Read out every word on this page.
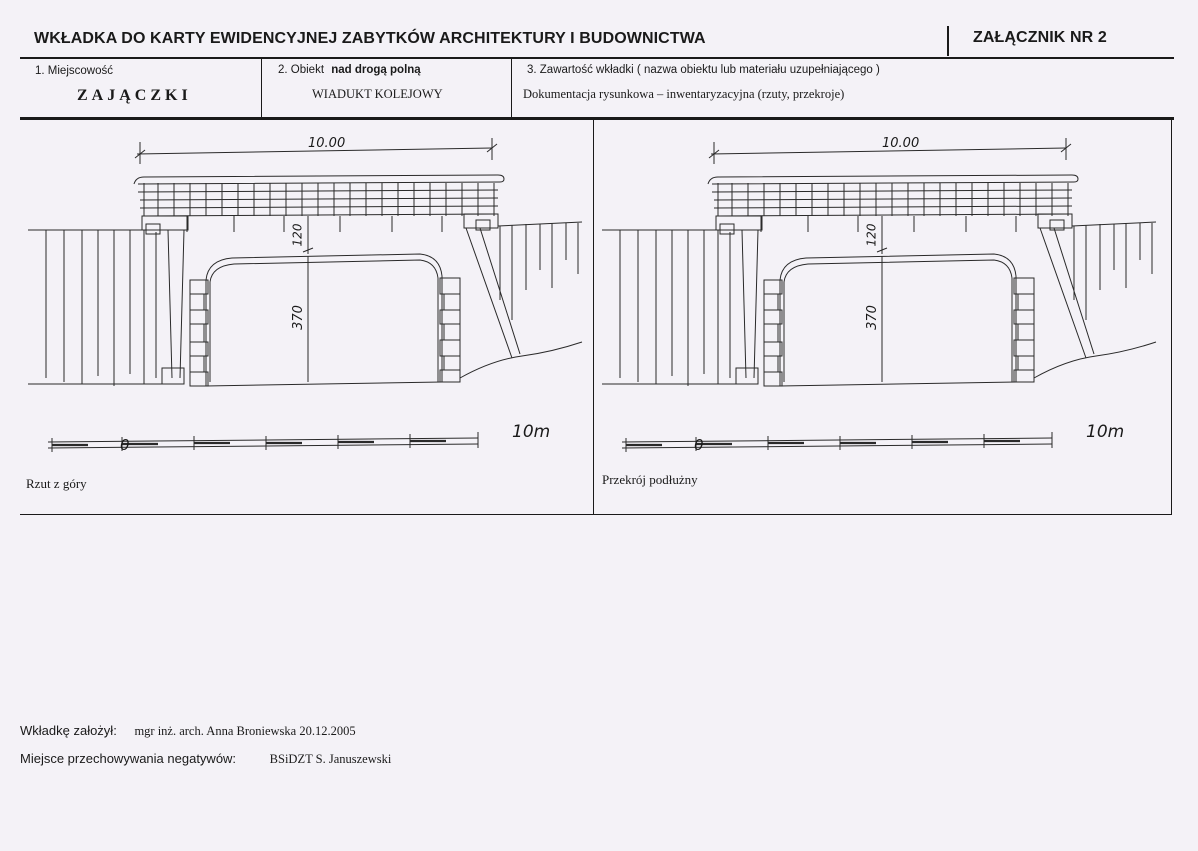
WKŁADKA DO KARTY EWIDENCYJNEJ ZABYTKÓW ARCHITEKTURY I BUDOWNICTWA	ZAŁĄCZNIK NR 2
1. Miejscowość
ZAJĄCZKI
2. Obiekt nad drogą polną
WIADUKT KOLEJOWY
3. Zawartość wkładki ( nazwa obiektu lub materiału uzupełniającego )
Dokumentacja rysunkowa – inwentaryzacyjna (rzuty, przekroje)
10.00
120
370
0
10m
Rzut z góry
10.00
120
370
0
10m
Przekrój podłużny
Wkładkę założył: mgr inż. arch. Anna Broniewska 20.12.2005
Miejsce przechowywania negatywów:	BSiDZT S. Januszewski
